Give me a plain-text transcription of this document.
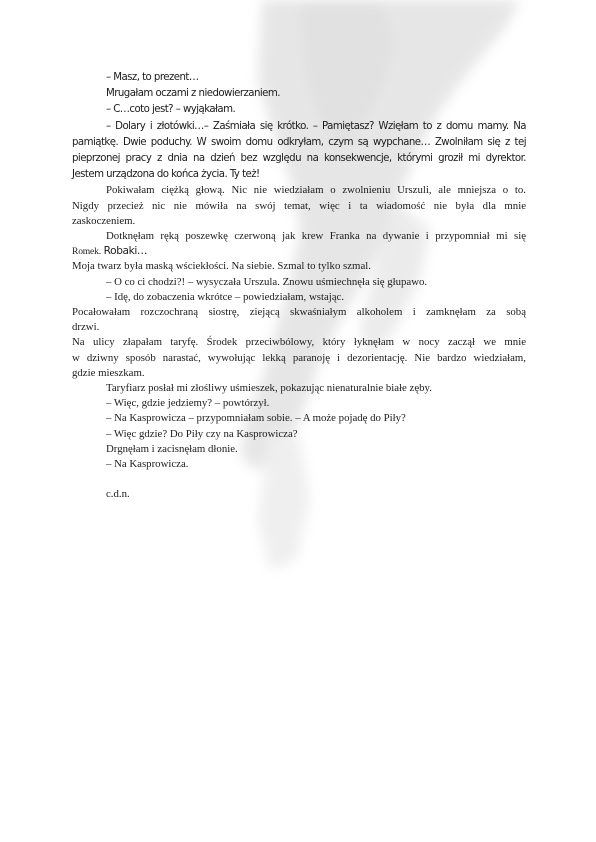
– Masz, to prezent…

Mrugałam oczami z niedowierzaniem.

– C…coto jest? – wyjąkałam.

– Dolary i złotówki…– Zaśmiała się krótko. – Pamiętasz? Wzięłam to z domu mamy. Na

pamiątkę. Dwie poduchy. W swoim domu odkryłam, czym są wypchane… Zwolniłam się z tej

pieprzonej pracy z dnia na dzień bez względu na konsekwencje, którymi groził mi dyrektor.

Jestem urządzona do końca życia. Ty też!

Pokiwałam ciężką głową. Nic nie wiedziałam o zwolnieniu Urszuli, ale mniejsza o to.

Nigdy przecież nic nie mówiła na swój temat, więc i ta wiadomość nie była dla mnie

zaskoczeniem.

Dotknęłam ręką poszewkę czerwoną jak krew Franka na dywanie i przypomniał mi się

Romek. Robaki…

Moja twarz była maską wściekłości. Na siebie. Szmal to tylko szmal.

– O co ci chodzi?! – wysyczała Urszula. Znowu uśmiechnęła się głupawo.

– Idę, do zobaczenia wkrótce – powiedziałam, wstając.

Pocałowałam rozczochraną siostrę, ziejącą skwaśniałym alkoholem i zamknęłam za sobą

drzwi.

Na ulicy złapałam taryfę. Środek przeciwbólowy, który łyknęłam w nocy zaczął we mnie

w dziwny sposób narastać, wywołując lekką paranoję i dezorientację. Nie bardzo wiedziałam,

gdzie mieszkam.

Taryfiarz posłał mi złośliwy uśmieszek, pokazując nienaturalnie białe zęby.

– Więc, gdzie jedziemy? – powtórzył.

– Na Kasprowicza – przypomniałam sobie. – A może pojadę do Piły?

– Więc gdzie? Do Piły czy na Kasprowicza?

Drgnęłam i zacisnęłam dłonie.

– Na Kasprowicza.

c.d.n.
